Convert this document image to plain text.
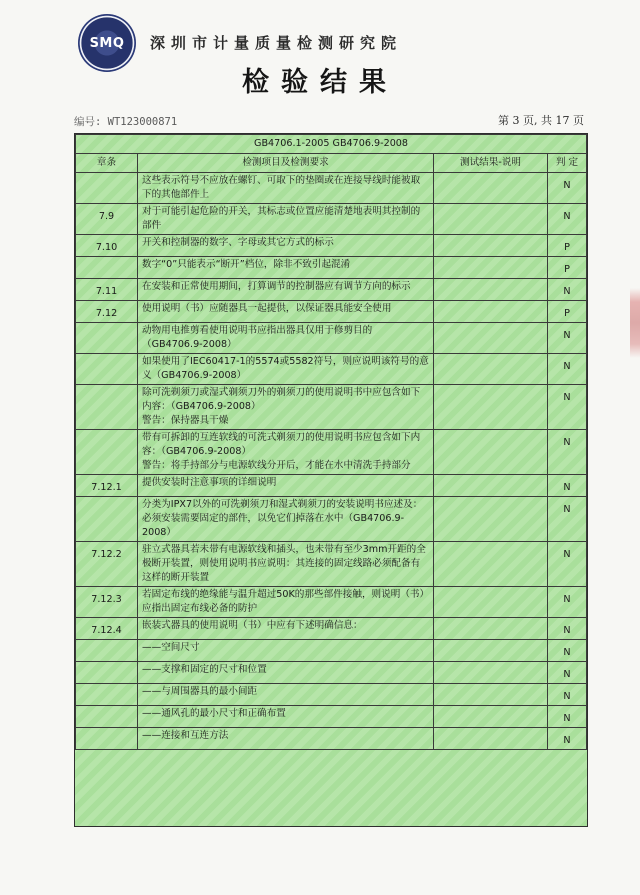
SMQ 深圳市计量质量检测研究院
检验结果
编号: WT123000871	第 3 页, 共 17 页
GB4706.1-2005 GB4706.9-2008			
章条	检测项目及检测要求	测试结果-说明	判 定
	这些表示符号不应放在螺钉、可取下的垫圈或在连接导线时能被取下的其他部件上		N
7.9	对于可能引起危险的开关，其标志或位置应能清楚地表明其控制的部件		N
7.10	开关和控制器的数字、字母或其它方式的标示		P
	数字“0”只能表示“断开”档位，除非不致引起混淆		P
7.11	在安装和正常使用期间，打算调节的控制器应有调节方向的标示		N
7.12	使用说明（书）应随器具一起提供，以保证器具能安全使用		P
	动物用电推剪看使用说明书应指出器具仅用于修剪目的（GB4706.9-2008）		N
	如果使用了IEC60417-1的5574或5582符号，则应说明该符号的意义（GB4706.9-2008）		N
	除可洗剃须刀或湿式剃须刀外的剃须刀的使用说明书中应包含如下内容：（GB4706.9-2008）
警告：保持器具干燥		N
	带有可拆卸的互连软线的可洗式剃须刀的使用说明书应包含如下内容：（GB4706.9-2008）
警告：将手持部分与电源软线分开后，才能在水中清洗手持部分		N
7.12.1	提供安装时注意事项的详细说明		N
	分类为IPX7以外的可洗剃须刀和湿式剃须刀的安装说明书应述及：必须安装需要固定的部件，以免它们掉落在水中（GB4706.9-2008）		N
7.12.2	驻立式器具若未带有电源软线和插头，也未带有至少3mm开距的全极断开装置，则使用说明书应说明：其连接的固定线路必须配备有这样的断开装置		N
7.12.3	若固定布线的绝缘能与温升超过50K的那些部件接触，则说明（书）应指出固定布线必备的防护		N
7.12.4	嵌装式器具的使用说明（书）中应有下述明确信息：		N
	——空间尺寸		N
	——支撑和固定的尺寸和位置		N
	——与周围器具的最小间距		N
	——通风孔的最小尺寸和正确布置		N
	——连接和互连方法		N
